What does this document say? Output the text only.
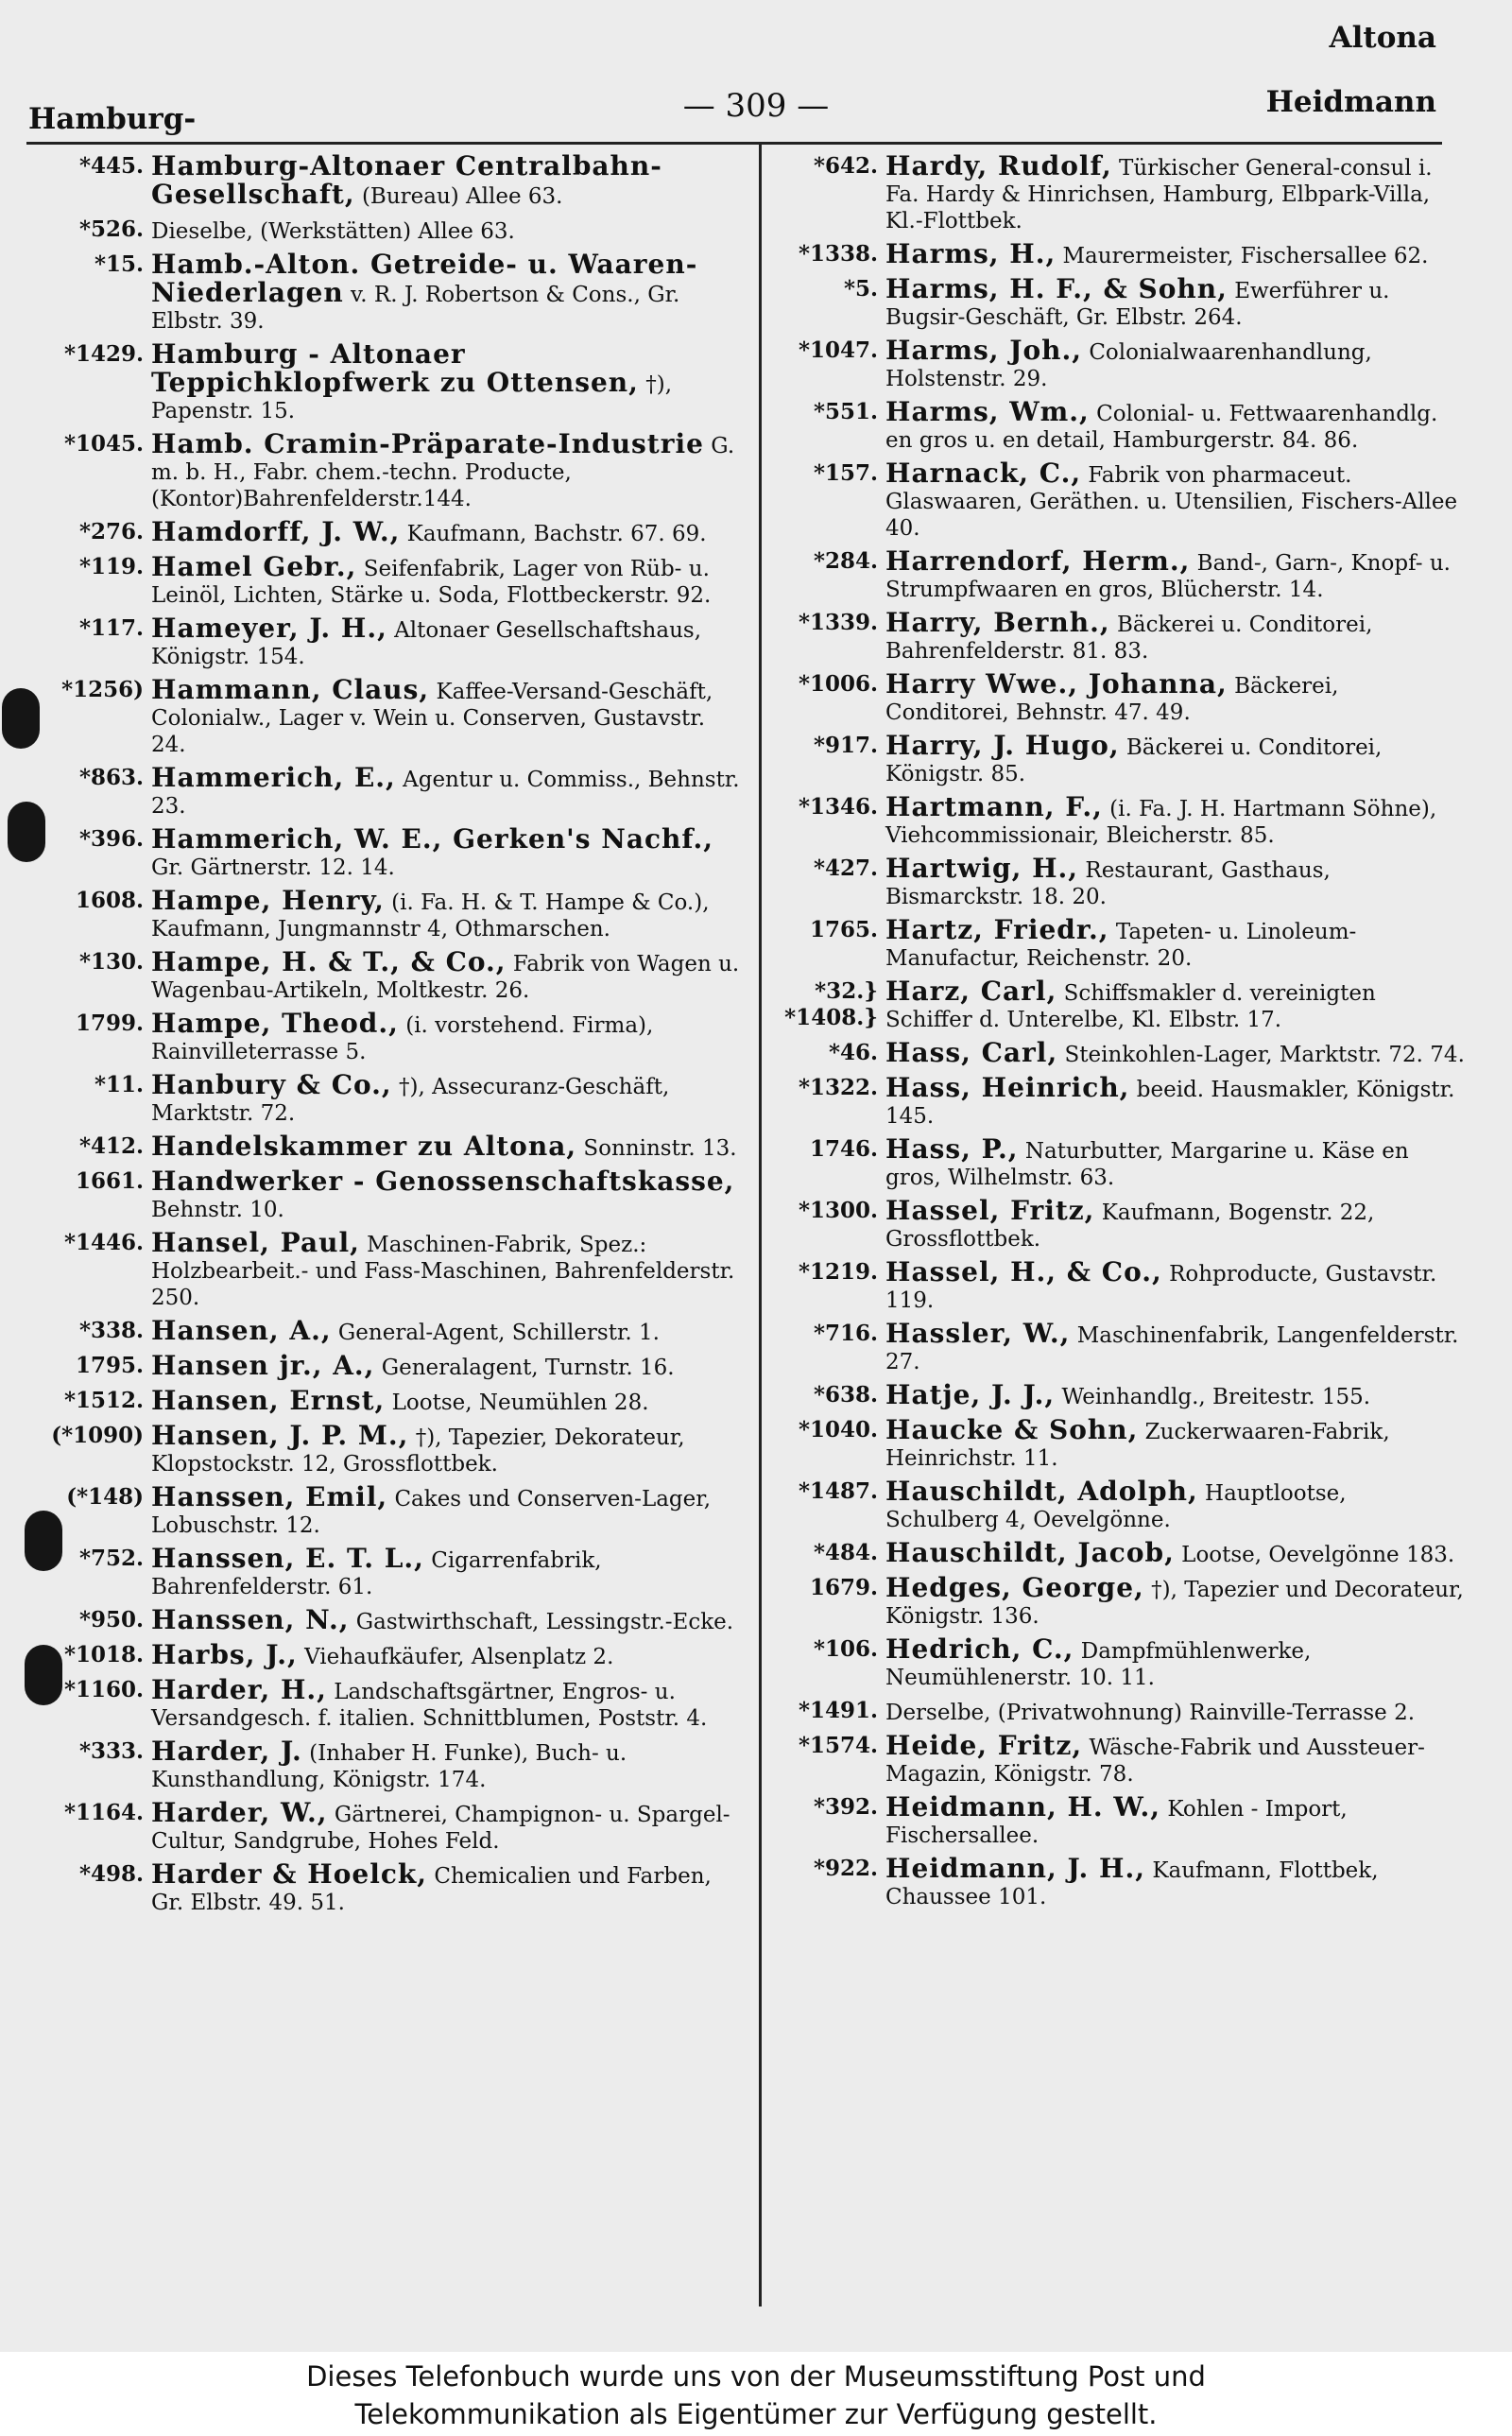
Hamburg-	— 309 —
Altona
Heidmann
*445. Hamburg-Altonaer Centralbahn-Gesellschaft, (Bureau) Allee 63.
*526. Dieselbe, (Werkstätten) Allee 63.
*15. Hamb.-Alton. Getreide- u. Waaren-Niederlagen v. R. J. Robertson & Cons., Gr. Elbstr. 39.
*1429. Hamburg - Altonaer Teppichklopfwerk zu Ottensen, †), Papenstr. 15.
*1045. Hamb. Cramin-Präparate-Industrie G. m. b. H., Fabr. chem.-techn. Producte,(Kontor)Bahrenfelderstr.144.
*276. Hamdorff, J. W., Kaufmann, Bachstr. 67. 69.
*119. Hamel Gebr., Seifenfabrik, Lager von Rüb- u. Leinöl, Lichten, Stärke u. Soda, Flottbeckerstr. 92.
*117. Hameyer, J. H., Altonaer Gesellschaftshaus, Königstr. 154.
*1256) Hammann, Claus, Kaffee-Versand-Geschäft, Colonialw., Lager v. Wein u. Conserven, Gustavstr. 24.
*863. Hammerich, E., Agentur u. Commiss., Behnstr. 23.
*396. Hammerich, W. E., Gerken's Nachf., Gr. Gärtnerstr. 12. 14.
1608. Hampe, Henry, (i. Fa. H. & T. Hampe & Co.), Kaufmann, Jungmannstr 4, Othmarschen.
*130. Hampe, H. & T., & Co., Fabrik von Wagen u. Wagenbau-Artikeln, Moltkestr. 26.
1799. Hampe, Theod., (i. vorstehend. Firma), Rainvilleterrasse 5.
*11. Hanbury & Co., †), Assecuranz-Geschäft, Marktstr. 72.
*412. Handelskammer zu Altona, Sonninstr. 13.
1661. Handwerker - Genossenschaftskasse, Behnstr. 10.
*1446. Hansel, Paul, Maschinen-Fabrik, Spez.: Holzbearbeit.- und Fass-Maschinen, Bahrenfelderstr. 250.
*338. Hansen, A., General-Agent, Schillerstr. 1.
1795. Hansen jr., A., Generalagent, Turnstr. 16.
*1512. Hansen, Ernst, Lootse, Neumühlen 28.
(*1090) Hansen, J. P. M., †), Tapezier, Dekorateur, Klopstockstr. 12, Grossflottbek.
(*148) Hanssen, Emil, Cakes und Conserven-Lager, Lobuschstr. 12.
*752. Hanssen, E. T. L., Cigarrenfabrik, Bahrenfelderstr. 61.
*950. Hanssen, N., Gastwirthschaft, Lessingstr.-Ecke.
*1018. Harbs, J., Viehaufkäufer, Alsenplatz 2.
*1160. Harder, H., Landschaftsgärtner, Engros- u. Versandgesch. f. italien. Schnittblumen, Poststr. 4.
*333. Harder, J. (Inhaber H. Funke), Buch- u. Kunsthandlung, Königstr. 174.
*1164. Harder, W., Gärtnerei, Champignon- u. Spargel-Cultur, Sandgrube, Hohes Feld.
*498. Harder & Hoelck, Chemicalien und Farben, Gr. Elbstr. 49. 51.
*642. Hardy, Rudolf, Türkischer General-consul i. Fa. Hardy & Hinrichsen, Hamburg, Elbpark-Villa, Kl.-Flottbek.
*1338. Harms, H., Maurermeister, Fischersallee 62.
*5. Harms, H. F., & Sohn, Ewerführer u. Bugsir-Geschäft, Gr. Elbstr. 264.
*1047. Harms, Joh., Colonialwaarenhandlung, Holstenstr. 29.
*551. Harms, Wm., Colonial- u. Fettwaarenhandlg. en gros u. en detail, Hamburgerstr. 84. 86.
*157. Harnack, C., Fabrik von pharmaceut. Glaswaaren, Geräthen. u. Utensilien, Fischers-Allee 40.
*284. Harrendorf, Herm., Band-, Garn-, Knopf- u. Strumpfwaaren en gros, Blücherstr. 14.
*1339. Harry, Bernh., Bäckerei u. Conditorei, Bahrenfelderstr. 81. 83.
*1006. Harry Wwe., Johanna, Bäckerei, Conditorei, Behnstr. 47. 49.
*917. Harry, J. Hugo, Bäckerei u. Conditorei, Königstr. 85.
*1346. Hartmann, F., (i. Fa. J. H. Hartmann Söhne), Viehcommissionair, Bleicherstr. 85.
*427. Hartwig, H., Restaurant, Gasthaus, Bismarckstr. 18. 20.
1765. Hartz, Friedr., Tapeten- u. Linoleum-Manufactur, Reichenstr. 20.
*32.} *1408.}
Harz, Carl, Schiffsmakler d. vereinigten Schiffer d. Unterelbe, Kl. Elbstr. 17.
*46. Hass, Carl, Steinkohlen-Lager, Marktstr. 72. 74.
*1322. Hass, Heinrich, beeid. Hausmakler, Königstr. 145.
1746. Hass, P., Naturbutter, Margarine u. Käse en gros, Wilhelmstr. 63.
*1300. Hassel, Fritz, Kaufmann, Bogenstr. 22, Grossflottbek.
*1219. Hassel, H., & Co., Rohproducte, Gustavstr. 119.
*716. Hassler, W., Maschinenfabrik, Langenfelderstr. 27.
*638. Hatje, J. J., Weinhandlg., Breitestr. 155.
*1040. Haucke & Sohn, Zuckerwaaren-Fabrik, Heinrichstr. 11.
*1487. Hauschildt, Adolph, Hauptlootse, Schulberg 4, Oevelgönne.
*484. Hauschildt, Jacob, Lootse, Oevelgönne 183.
1679. Hedges, George, †), Tapezier und Decorateur, Königstr. 136.
*106. Hedrich, C., Dampfmühlenwerke, Neumühlenerstr. 10. 11.
*1491. Derselbe, (Privatwohnung) Rainville-Terrasse 2.
*1574. Heide, Fritz, Wäsche-Fabrik und Aussteuer-Magazin, Königstr. 78.
*392. Heidmann, H. W., Kohlen - Import, Fischersallee.
*922. Heidmann, J. H., Kaufmann, Flottbek, Chaussee 101.
Dieses Telefonbuch wurde uns von der Museumsstiftung Post und
Telekommunikation als Eigentümer zur Verfügung gestellt.
